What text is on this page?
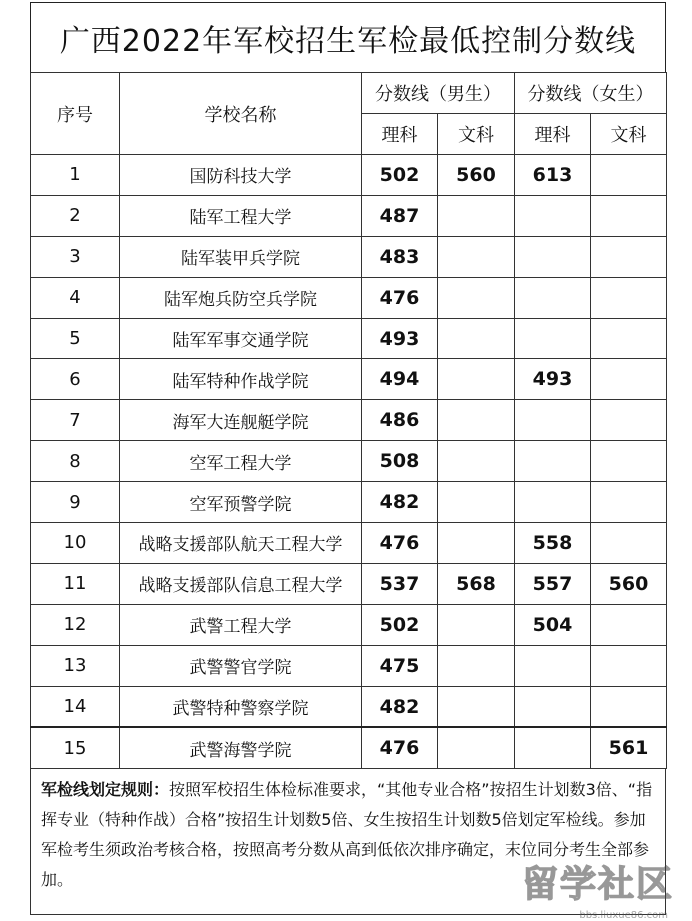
广西2022年军校招生军检最低控制分数线
序号	学校名称	分数线（男生）		分数线（女生）	
		理科	文科	理科	文科
1	国防科技大学	502	560	613	
2	陆军工程大学	487			
3	陆军装甲兵学院	483			
4	陆军炮兵防空兵学院	476			
5	陆军军事交通学院	493			
6	陆军特种作战学院	494		493	
7	海军大连舰艇学院	486			
8	空军工程大学	508			
9	空军预警学院	482			
10	战略支援部队航天工程大学	476		558	
11	战略支援部队信息工程大学	537	568	557	560
12	武警工程大学	502		504	
13	武警警官学院	475			
14	武警特种警察学院	482			
15	武警海警学院	476			561
军检线划定规则：按照军校招生体检标准要求，“其他专业合格”按招生计划数3倍、“指挥专业（特种作战）合格”按招生计划数5倍、女生按招生计划数5倍划定军检线。参加军检考生须政治考核合格，按照高考分数从高到低依次排序确定，末位同分考生全部参加。	留学社区
bbs.liuxue86.com
